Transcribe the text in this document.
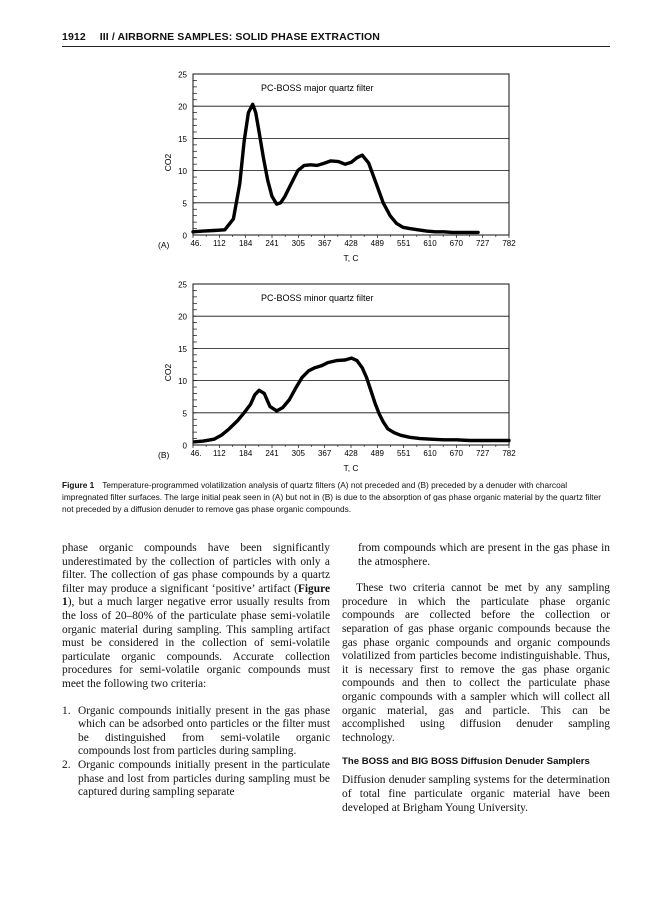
1912 III / AIRBORNE SAMPLES: SOLID PHASE EXTRACTION
0
5
10
15
20
25
46. 112 184 241 305 367 428 489 551 610 670 727 782
T, C
CO2
(A)
PC-BOSS major quartz filter
0
5
10
15
20
25
46. 112 184 241 305 367 428 489 551 610 670 727 782
T, C
CO2
(B)
PC-BOSS minor quartz filter

Figure 1 Temperature-programmed volatilization analysis of quartz filters (A) not preceded and (B) preceded by a denuder with charcoal impregnated filter surfaces. The large initial peak seen in (A) but not in (B) is due to the absorption of gas phase organic material by the quartz filter not preceded by a diffusion denuder to remove gas phase organic compounds.

phase organic compounds have been significantly underestimated by the collection of particles with only a filter. The collection of gas phase compounds by a quartz filter may produce a significant ‘positive’ artifact (Figure 1), but a much larger negative error usually results from the loss of 20–80% of the particulate phase semi-volatile organic material during sampling. This sampling artifact must be considered in the collection of semi-volatile particulate organic compounds. Accurate collection procedures for semi-volatile organic compounds must meet the following two criteria:

1. Organic compounds initially present in the gas phase which can be adsorbed onto particles or the filter must be distinguished from semi-volatile organic compounds lost from particles during sampling.
2. Organic compounds initially present in the particulate phase and lost from particles during sampling must be captured during sampling separate

from compounds which are present in the gas phase in the atmosphere.

These two criteria cannot be met by any sampling procedure in which the particulate phase organic compounds are collected before the collection or separation of gas phase organic compounds because the gas phase organic compounds and organic compounds volatilized from particles become indistinguishable. Thus, it is necessary first to remove the gas phase organic compounds and then to collect the particulate phase organic compounds with a sampler which will collect all organic material, gas and particle. This can be accomplished using diffusion denuder sampling technology.

The BOSS and BIG BOSS Diffusion Denuder Samplers

Diffusion denuder sampling systems for the determination of total fine particulate organic material have been developed at Brigham Young University.
